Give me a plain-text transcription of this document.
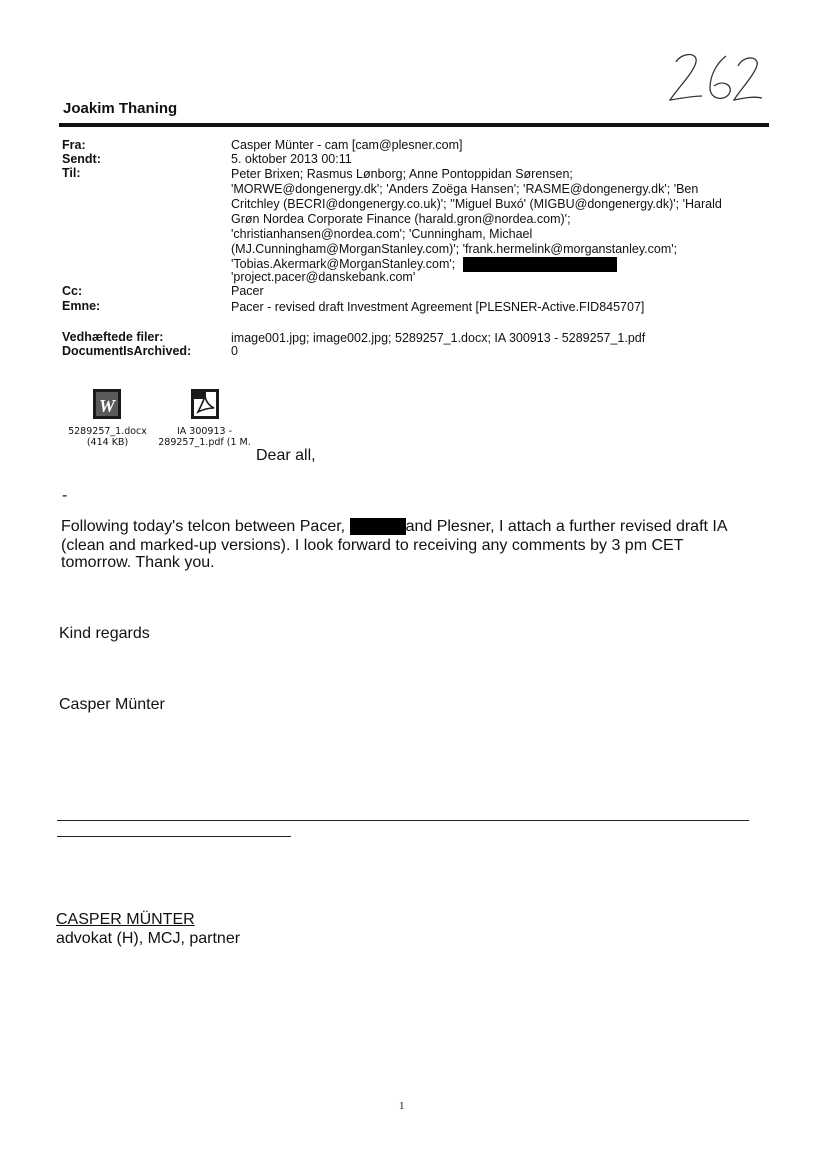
Joakim Thaning
Fra:	Casper Münter - cam [cam@plesner.com]
Sendt:	5. oktober 2013 00:11
Til:	Peter Brixen; Rasmus Lønborg; Anne Pontoppidan Sørensen;
'MORWE@dongenergy.dk'; 'Anders Zoëga Hansen'; 'RASME@dongenergy.dk'; 'Ben
Critchley (BECRI@dongenergy.co.uk)'; ''Miguel Buxó' (MIGBU@dongenergy.dk)'; 'Harald
Grøn Nordea Corporate Finance (harald.gron@nordea.com)';
'christianhansen@nordea.com'; 'Cunningham, Michael
(MJ.Cunningham@MorganStanley.com)'; 'frank.hermelink@morganstanley.com';
'Tobias.Akermark@MorganStanley.com';
'project.pacer@danskebank.com'
Cc:	Pacer
Emne:	Pacer - revised draft Investment Agreement [PLESNER-Active.FID845707]
Vedhæftede filer:	image001.jpg; image002.jpg; 5289257_1.docx; IA 300913 - 5289257_1.pdf
DocumentIsArchived:	0
W
5289257_1.docx
(414 KB)
IA 300913 -
289257_1.pdf (1 M.
Dear all,
-
Following today's telcon between Pacer,	and Plesner, I attach a further revised draft IA
(clean and marked-up versions). I look forward to receiving any comments by 3 pm CET
tomorrow. Thank you.
Kind regards
Casper Münter
CASPER MÜNTER
advokat (H), MCJ, partner
1
